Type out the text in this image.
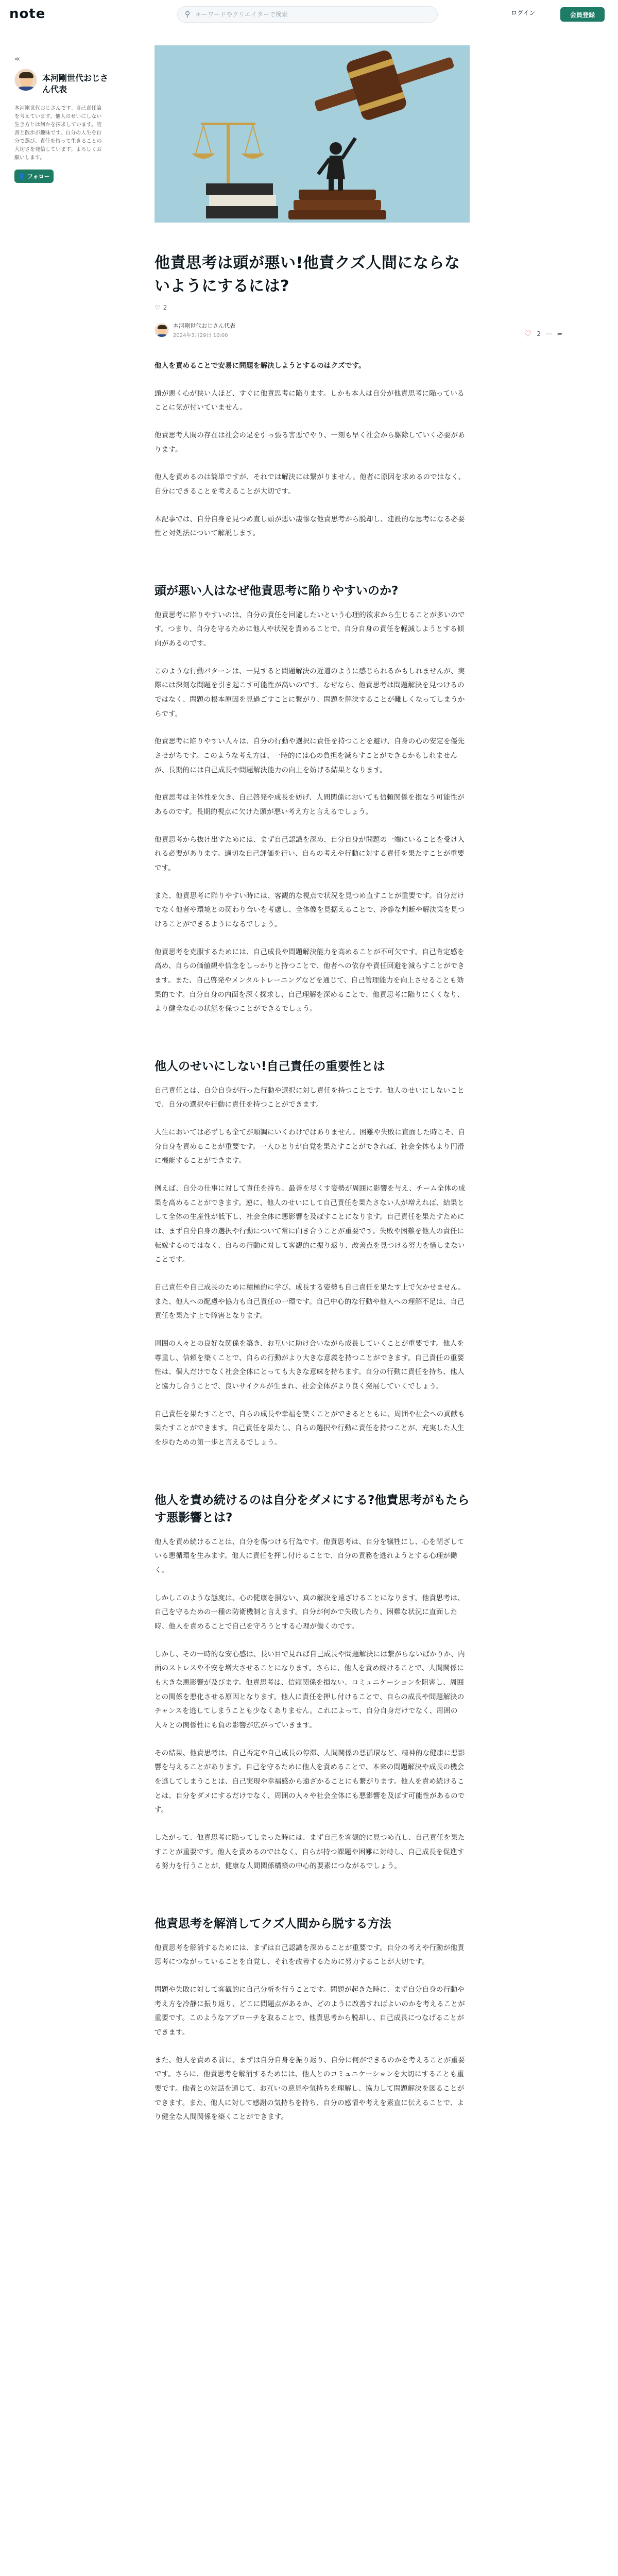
note	⚲
キーワードやクリエイターで検索	ログイン	会員登録
≪
本河剛世代おじさん代表
本河剛世代おじさんです。自己責任論を考えています。他人のせいにしない生き方とは何かを探求しています。読書と散歩が趣味です。自分の人生を自分で選び、責任を持って生きることの大切さを発信しています。よろしくお願いします。
👤 フォロー
♡ 2 ⋯ ➦
他責思考は頭が悪い!他責クズ人間にならないようにするには?
♡ 2
本河剛世代おじさん代表
2024年3月29日 10:00

他人を責めることで安易に問題を解決しようとするのはクズです。

頭が悪く心が狭い人ほど、すぐに他責思考に陥ります。しかも本人は自分が他責思考に陥っていることに気が付いていません。

他責思考人間の存在は社会の足を引っ張る害悪でやり、一刻も早く社会から駆除していく必要があります。

他人を責めるのは簡単ですが、それでは解決には繋がりません。他者に原因を求めるのではなく、自分にできることを考えることが大切です。

本記事では、自分自身を見つめ直し頭が悪い凄惨な他責思考から脱却し、建設的な思考になる必要性と対処法について解説します。

頭が悪い人はなぜ他責思考に陥りやすいのか?

他責思考に陥りやすいのは、自分の責任を回避したいという心理的欲求から生じることが多いのです。つまり、自分を守るために他人や状況を責めることで、自分自身の責任を軽減しようとする傾向があるのです。

このような行動パターンは、一見すると問題解決の近道のように感じられるかもしれませんが、実際には深刻な問題を引き起こす可能性が高いのです。なぜなら、他責思考は問題解決を見つけるのではなく、問題の根本原因を見過ごすことに繋がり、問題を解決することが難しくなってしまうからです。

他責思考に陥りやすい人々は、自分の行動や選択に責任を持つことを避け、自身の心の安定を優先させがちです。このような考え方は、一時的には心の負担を減らすことができるかもしれませんが、長期的には自己成長や問題解決能力の向上を妨げる結果となります。

他責思考は主体性を欠き、自己啓発や成長を妨げ、人間関係においても信頼関係を損なう可能性があるのです。長期的視点に欠けた頭が悪い考え方と言えるでしょう。

他責思考から抜け出すためには、まず自己認識を深め、自分自身が問題の一端にいることを受け入れる必要があります。適切な自己評価を行い、自らの考えや行動に対する責任を果たすことが重要です。

また、他責思考に陥りやすい時には、客観的な視点で状況を見つめ直すことが重要です。自分だけでなく他者や環境との関わり合いを考慮し、全体像を見据えることで、冷静な判断や解決策を見つけることができるようになるでしょう。

他責思考を克服するためには、自己成長や問題解決能力を高めることが不可欠です。自己肯定感を高め、自らの価値観や信念をしっかりと持つことで、他者への依存や責任回避を減らすことができます。また、自己啓発やメンタルトレーニングなどを通じて、自己管理能力を向上させることも効果的です。自分自身の内面を深く探求し、自己理解を深めることで、他責思考に陥りにくくなり、より健全な心の状態を保つことができるでしょう。

他人のせいにしない!自己責任の重要性とは

自己責任とは、自分自身が行った行動や選択に対し責任を持つことです。他人のせいにしないことで、自分の選択や行動に責任を持つことができます。

人生においては必ずしも全てが順調にいくわけではありません。困難や失敗に直面した時こそ、自分自身を責めることが重要です。一人ひとりが自覚を果たすことができれば、社会全体もより円滑に機能することができます。

例えば、自分の仕事に対して責任を持ち、最善を尽くす姿勢が周囲に影響を与え、チーム全体の成果を高めることができます。逆に、他人のせいにして自己責任を果たさない人が増えれば、結果として全体の生産性が低下し、社会全体に悪影響を及ぼすことになります。自己責任を果たすためには、まず自分自身の選択や行動について常に向き合うことが重要です。失敗や困難を他人の責任に転嫁するのではなく、自らの行動に対して客観的に振り返り、改善点を見つける努力を惜しまないことです。

自己責任や自己成長のために積極的に学び、成長する姿勢も自己責任を果たす上で欠かせません。また、他人への配慮や協力も自己責任の一環です。自己中心的な行動や他人への理解不足は、自己責任を果たす上で障害となります。

周囲の人々との良好な関係を築き、お互いに助け合いながら成長していくことが重要です。他人を尊重し、信頼を築くことで、自らの行動がより大きな意義を持つことができます。自己責任の重要性は、個人だけでなく社会全体にとっても大きな意味を持ちます。自分の行動に責任を持ち、他人と協力し合うことで、良いサイクルが生まれ、社会全体がより良く発展していくでしょう。

自己責任を果たすことで、自らの成長や幸福を築くことができるとともに、周囲や社会への貢献も果たすことができます。自己責任を果たし、自らの選択や行動に責任を持つことが、充実した人生を歩むための第一歩と言えるでしょう。

他人を責め続けるのは自分をダメにする?他責思考がもたらす悪影響とは?

他人を責め続けることは、自分を傷つける行為です。他責思考は、自分を犠牲にし、心を閉ざしている悪循環を生みます。他人に責任を押し付けることで、自分の責務を逃れようとする心理が働く。

しかしこのような態度は、心の健康を損ない、真の解決を遠ざけることになります。他責思考は、自己を守るための一種の防衛機制と言えます。自分が何かで失敗したり、困難な状況に直面した時、他人を責めることで自己を守ろうとする心理が働くのです。

しかし、その一時的な安心感は、長い目で見れば自己成長や問題解決には繋がらないばかりか、内面のストレスや不安を増大させることになります。さらに、他人を責め続けることで、人間関係にも大きな悪影響が及びます。他責思考は、信頼関係を損ない、コミュニケーションを阻害し、周囲との関係を悪化させる原因となります。他人に責任を押し付けることで、自らの成長や問題解決のチャンスを逃してしまうことも少なくありません。これによって、自分自身だけでなく、周囲の人々との関係性にも負の影響が広がっていきます。

その結果、他責思考は、自己否定や自己成長の停滞、人間関係の悪循環など、精神的な健康に悪影響を与えることがあります。自己を守るために他人を責めることで、本来の問題解決や成長の機会を逃してしまうことは、自己実現や幸福感から遠ざかることにも繋がります。他人を責め続けることは、自分をダメにするだけでなく、周囲の人々や社会全体にも悪影響を及ぼす可能性があるのです。

したがって、他責思考に陥ってしまった時には、まず自己を客観的に見つめ直し、自己責任を果たすことが重要です。他人を責めるのではなく、自らが持つ課題や困難に対峙し、自己成長を促進する努力を行うことが、健康な人間関係構築の中心的要素につながるでしょう。

他責思考を解消してクズ人間から脱する方法

他責思考を解消するためには、まずは自己認識を深めることが重要です。自分の考えや行動が他責思考につながっていることを自覚し、それを改善するために努力することが大切です。

問題や失敗に対して客観的に自己分析を行うことです。問題が起きた時に、まず自分自身の行動や考え方を冷静に振り返り、どこに問題点があるか、どのように改善すればよいのかを考えることが重要です。このようなアプローチを取ることで、他責思考から脱却し、自己成長につなげることができます。

また、他人を責める前に、まずは自分自身を振り返り、自分に何ができるのかを考えることが重要です。さらに、他責思考を解消するためには、他人とのコミュニケーションを大切にすることも重要です。他者との対話を通じて、お互いの意見や気持ちを理解し、協力して問題解決を図ることができます。また、他人に対して感謝の気持ちを持ち、自分の感情や考えを素直に伝えることで、より健全な人間関係を築くことができます。
